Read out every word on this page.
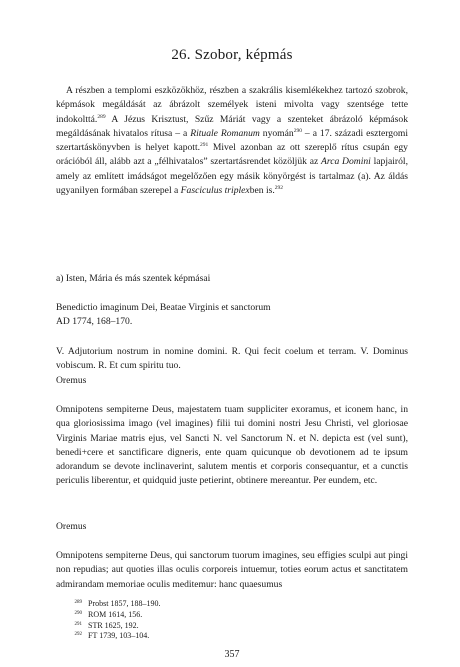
26. Szobor, képmás

A részben a templomi eszközökhöz, részben a szakrális kisemlékekhez tartozó szobrok, képmások megáldását az ábrázolt személyek isteni mivolta vagy szentsége tette indokolttá.$^{289}$ A Jézus Krisztust, Szűz Máriát vagy a szenteket ábrázoló képmások megáldásának hivatalos rítusa – a Rituale Romanum nyomán$^{290}$ – a 17. századi esztergomi szertartáskönyvben is helyet kapott.$^{291}$ Mivel azonban az ott szereplő rítus csupán egy orációból áll, alább azt a „félhivatalos” szertartásrendet közöljük az Arca Domini lapjairól, amely az említett imádságot megelőzően egy másik könyörgést is tartalmaz (a). Az áldás ugyanilyen formában szerepel a Fasciculus triplexben is.$^{292}$

a) Isten, Mária és más szentek képmásai

Benedictio imaginum Dei, Beatae Virginis et sanctorum
AD 1774, 168–170.

V. Adjutorium nostrum in nomine domini. R. Qui fecit coelum et terram. V. Dominus vobiscum. R. Et cum spiritu tuo.

Oremus

Omnipotens sempiterne Deus, majestatem tuam suppliciter exoramus, et iconem hanc, in qua gloriosissima imago (vel imagines) filii tui domini nostri Jesu Christi, vel gloriosae Virginis Mariae matris ejus, vel Sancti N. vel Sanctorum N. et N. depicta est (vel sunt), benedi+cere et sanctificare digneris, ente quam quicunque ob devotionem ad te ipsum adorandum se devote inclinaverint, salutem mentis et corporis consequantur, et a cunctis periculis liberentur, et quidquid juste petierint, obtinere mereantur. Per eundem, etc.

Oremus

Omnipotens sempiterne Deus, qui sanctorum tuorum imagines, seu effigies sculpi aut pingi non repudias; aut quoties illas oculis corporeis intuemur, toties eorum actus et sanctitatem admirandam memoriae oculis meditemur: hanc quaesumus

289 Probst 1857, 188–190.
290 ROM 1614, 156.
291 STR 1625, 192.
292 FT 1739, 103–104.
357
